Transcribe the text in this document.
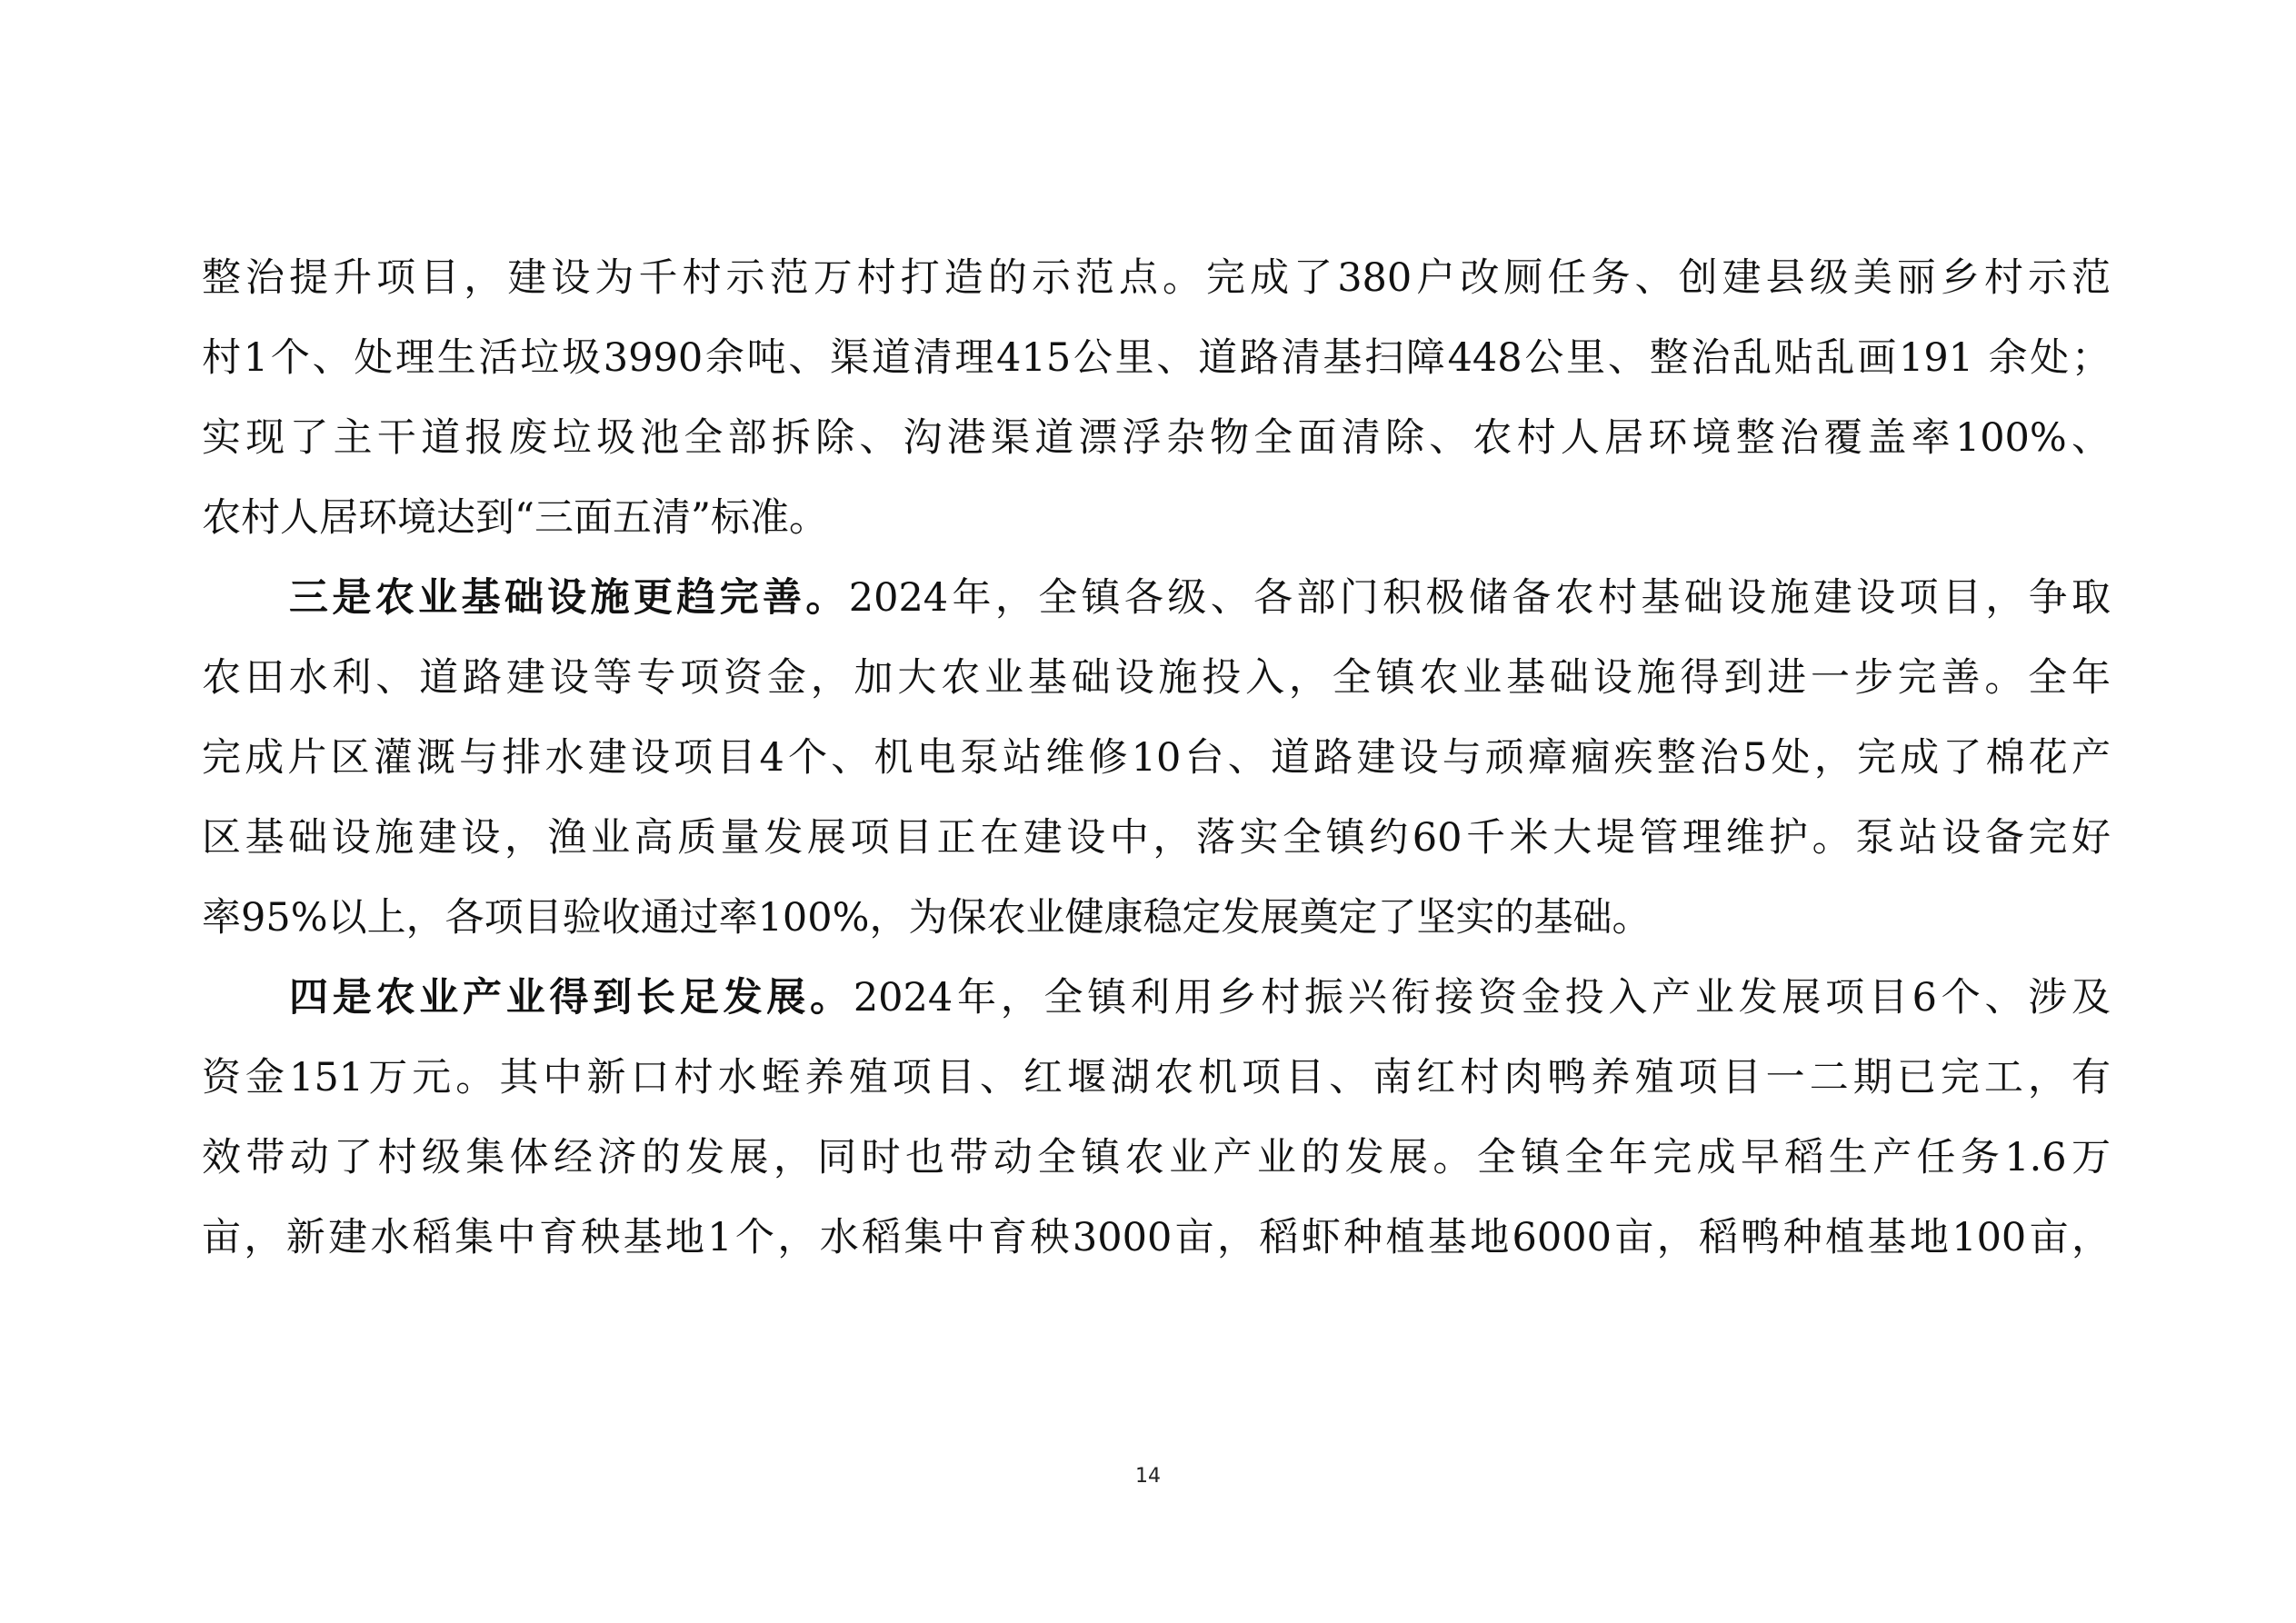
整治提升项目，建设为千村示范万村打造的示范点。完成了380户改厕任务、创建县级美丽乡村示范
村1个、处理生活垃圾3990余吨、渠道清理415公里、道路清基扫障448公里、整治乱贴乱画191 余处；
实现了主干道报废垃圾池全部拆除、沟港渠道漂浮杂物全面清除、农村人居环境整治覆盖率100%、
农村人居环境达到“三面五清”标准。
三是农业基础设施更趋完善。2024年，全镇各级、各部门积极储备农村基础设施建设项目，争取
农田水利、道路建设等专项资金，加大农业基础设施投入，全镇农业基础设施得到进一步完善。全年
完成片区灌溉与排水建设项目4个、机电泵站维修10台、道路建设与顽瘴痼疾整治5处，完成了棉花产
区基础设施建设，渔业高质量发展项目正在建设中，落实全镇约60千米大堤管理维护。泵站设备完好
率95%以上，各项目验收通过率100%，为保农业健康稳定发展奠定了坚实的基础。
四是农业产业得到长足发展。2024年，全镇利用乡村振兴衔接资金投入产业发展项目6个、涉及
资金151万元。其中新口村水蛭养殖项目、红堰湖农机项目、南红村肉鸭养殖项目一二期已完工，有
效带动了村级集体经济的发展，同时也带动全镇农业产业的发展。全镇全年完成早稻生产任务1.6万
亩，新建水稻集中育秧基地1个，水稻集中育秧3000亩，稻虾种植基地6000亩，稻鸭种植基地100亩，
14
